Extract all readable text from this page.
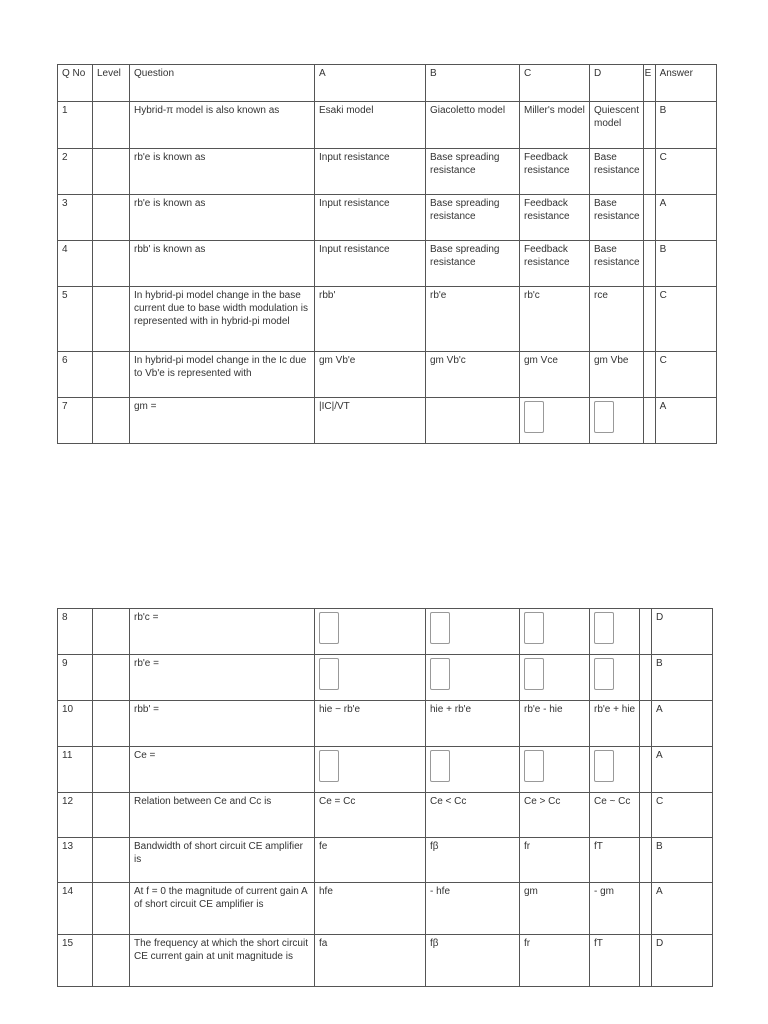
Q No	Level	Question	A	B	C	D	E	Answer
1		Hybrid-π model is also known as	Esaki model	Giacoletto model	Miller's model	Quiescent model		B
2		rb'e is known as	Input resistance	Base spreading resistance	Feedback resistance	Base resistance		C
3		rb'e is known as	Input resistance	Base spreading resistance	Feedback resistance	Base resistance		A
4		rbb' is known as	Input resistance	Base spreading resistance	Feedback resistance	Base resistance		B
5		In hybrid-pi model change in the base current due to base width modulation is represented with in hybrid-pi model	rbb'	rb'e	rb'c	rce		C
6		In hybrid-pi model change in the Ic due to Vb'e is represented with	gm Vb'e	gm Vb'c	gm Vce	gm Vbe		C
7		gm =	|IC|/VT					A
8		rb'c =						D
9		rb'e =						B
10		rbb' =	hie − rb'e	hie + rb'e	rb'e - hie	rb'e + hie		A
11		Ce =						A
12		Relation between Ce and Cc is	Ce = Cc	Ce < Cc	Ce > Cc	Ce ~ Cc		C
13		Bandwidth of short circuit CE amplifier is	fe	fβ	fr	fT		B
14		At f = 0 the magnitude of current gain A of short circuit CE amplifier is	hfe	- hfe	gm	- gm		A
15		The frequency at which the short circuit CE current gain at unit magnitude is	fa	fβ	fr	fT		D
